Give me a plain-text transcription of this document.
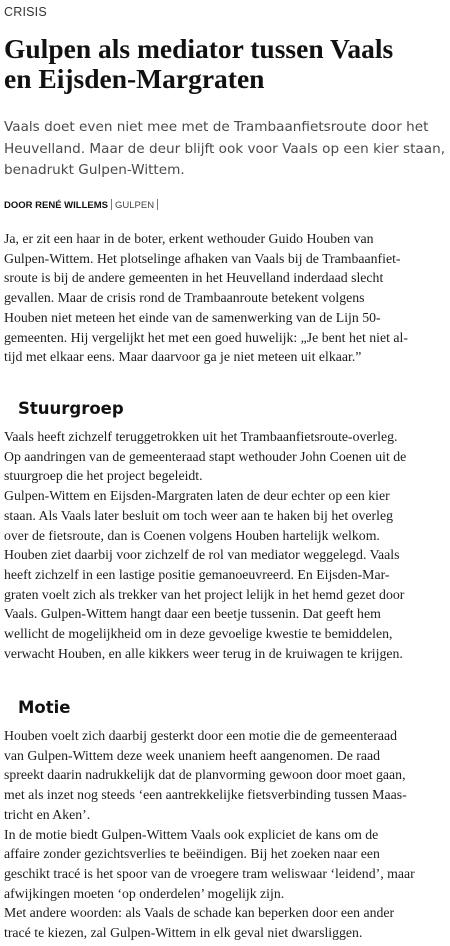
CRISIS
Gulpen als mediator tussen Vaals
en Eijsden-Margraten
Vaals doet even niet mee met de Trambaanfietsroute door het
Heuvelland. Maar de deur blijft ook voor Vaals op een kier staan,
benadrukt Gulpen-Wittem.
DOOR RENÉ WILLEMS GULPEN
Ja, er zit een haar in de boter, erkent wethouder Guido Houben van
Gulpen-Wittem. Het plotselinge afhaken van Vaals bij de Trambaanfiet-
sroute is bij de andere gemeenten in het Heuvelland inderdaad slecht
gevallen. Maar de crisis rond de Trambaanroute betekent volgens
Houben niet meteen het einde van de samenwerking van de Lijn 50-
gemeenten. Hij vergelijkt het met een goed huwelijk: „Je bent het niet al-
tijd met elkaar eens. Maar daarvoor ga je niet meteen uit elkaar.”
Stuurgroep
Vaals heeft zichzelf teruggetrokken uit het Trambaanfietsroute-overleg.
Op aandringen van de gemeenteraad stapt wethouder John Coenen uit de
stuurgroep die het project begeleidt.
Gulpen-Wittem en Eijsden-Margraten laten de deur echter op een kier
staan. Als Vaals later besluit om toch weer aan te haken bij het overleg
over de fietsroute, dan is Coenen volgens Houben hartelijk welkom.
Houben ziet daarbij voor zichzelf de rol van mediator weggelegd. Vaals
heeft zichzelf in een lastige positie gemanoeuvreerd. En Eijsden-Mar-
graten voelt zich als trekker van het project lelijk in het hemd gezet door
Vaals. Gulpen-Wittem hangt daar een beetje tussenin. Dat geeft hem
wellicht de mogelijkheid om in deze gevoelige kwestie te bemiddelen,
verwacht Houben, en alle kikkers weer terug in de kruiwagen te krijgen.
Motie
Houben voelt zich daarbij gesterkt door een motie die de gemeenteraad
van Gulpen-Wittem deze week unaniem heeft aangenomen. De raad
spreekt daarin nadrukkelijk dat de planvorming gewoon door moet gaan,
met als inzet nog steeds ‘een aantrekkelijke fietsverbinding tussen Maas-
tricht en Aken’.
In de motie biedt Gulpen-Wittem Vaals ook expliciet de kans om de
affaire zonder gezichtsverlies te beëindigen. Bij het zoeken naar een
geschikt tracé is het spoor van de vroegere tram weliswaar ‘leidend’, maar
afwijkingen moeten ‘op onderdelen’ mogelijk zijn.
Met andere woorden: als Vaals de schade kan beperken door een ander
tracé te kiezen, zal Gulpen-Wittem in elk geval niet dwarsliggen.
